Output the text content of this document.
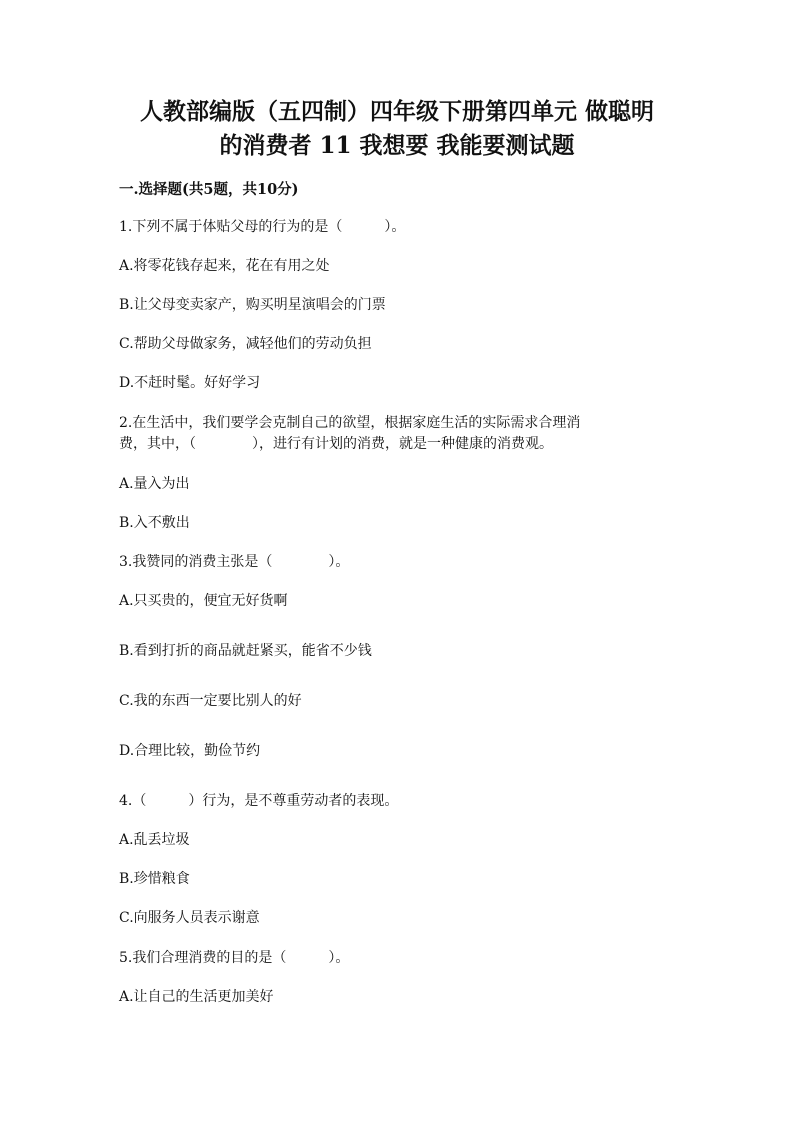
人教部编版（五四制）四年级下册第四单元 做聪明
的消费者 11 我想要 我能要测试题

一.选择题(共5题，共10分)

1.下列不属于体贴父母的行为的是（　　　）。

A.将零花钱存起来，花在有用之处

B.让父母变卖家产，购买明星演唱会的门票

C.帮助父母做家务，减轻他们的劳动负担

D.不赶时髦。好好学习

2.在生活中，我们要学会克制自己的欲望，根据家庭生活的实际需求合理消

费，其中，（　　　　），进行有计划的消费，就是一种健康的消费观。

A.量入为出

B.入不敷出

3.我赞同的消费主张是（　　　　）。

A.只买贵的，便宜无好货啊

B.看到打折的商品就赶紧买，能省不少钱

C.我的东西一定要比别人的好

D.合理比较，勤俭节约

4.（　　　）行为，是不尊重劳动者的表现。

A.乱丢垃圾

B.珍惜粮食

C.向服务人员表示谢意

5.我们合理消费的目的是（　　　）。

A.让自己的生活更加美好
